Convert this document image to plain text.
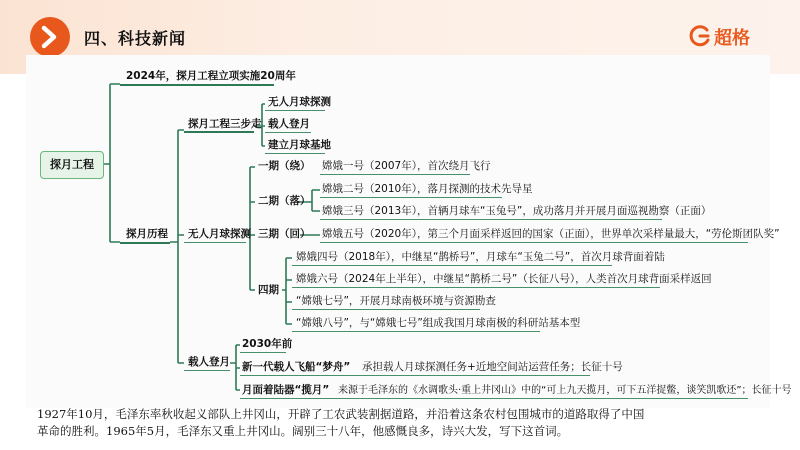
四、科技新闻	超格
探月工程
2024年，探月工程立项实施20周年
探月工程三步走
无人月球探测
载人登月
建立月球基地
探月历程 无人月球探测
一期（绕） 嫦娥一号（2007年），首次绕月飞行
二期（落）
嫦娥二号（2010年），落月探测的技术先导星
嫦娥三号（2013年），首辆月球车“玉兔号”，成功落月并开展月面巡视勘察（正面）
三期（回） 嫦娥五号（2020年），第三个月面采样返回的国家（正面），世界单次采样量最大，“劳伦斯团队奖”
四期
嫦娥四号（2018年），中继星“鹊桥号”，月球车“玉兔二号”，首次月球背面着陆
嫦娥六号（2024年上半年），中继星“鹊桥二号”（长征八号），人类首次月球背面采样返回
“嫦娥七号”，开展月球南极环境与资源勘查
“嫦娥八号”，与“嫦娥七号”组成我国月球南极的科研站基本型
载人登月
2030年前
新一代载人飞船“梦舟” 承担载人月球探测任务+近地空间站运营任务；长征十号
月面着陆器“揽月” 来源于毛泽东的《水调歌头·重上井冈山》中的“可上九天揽月，可下五洋捉鳖，谈笑凯歌还”；长征十号
1927年10月，毛泽东率秋收起义部队上井冈山，开辟了工农武装割据道路，并沿着这条农村包围城市的道路取得了中国
革命的胜利。1965年5月，毛泽东又重上井冈山。阔别三十八年，他感慨良多，诗兴大发，写下这首词。
